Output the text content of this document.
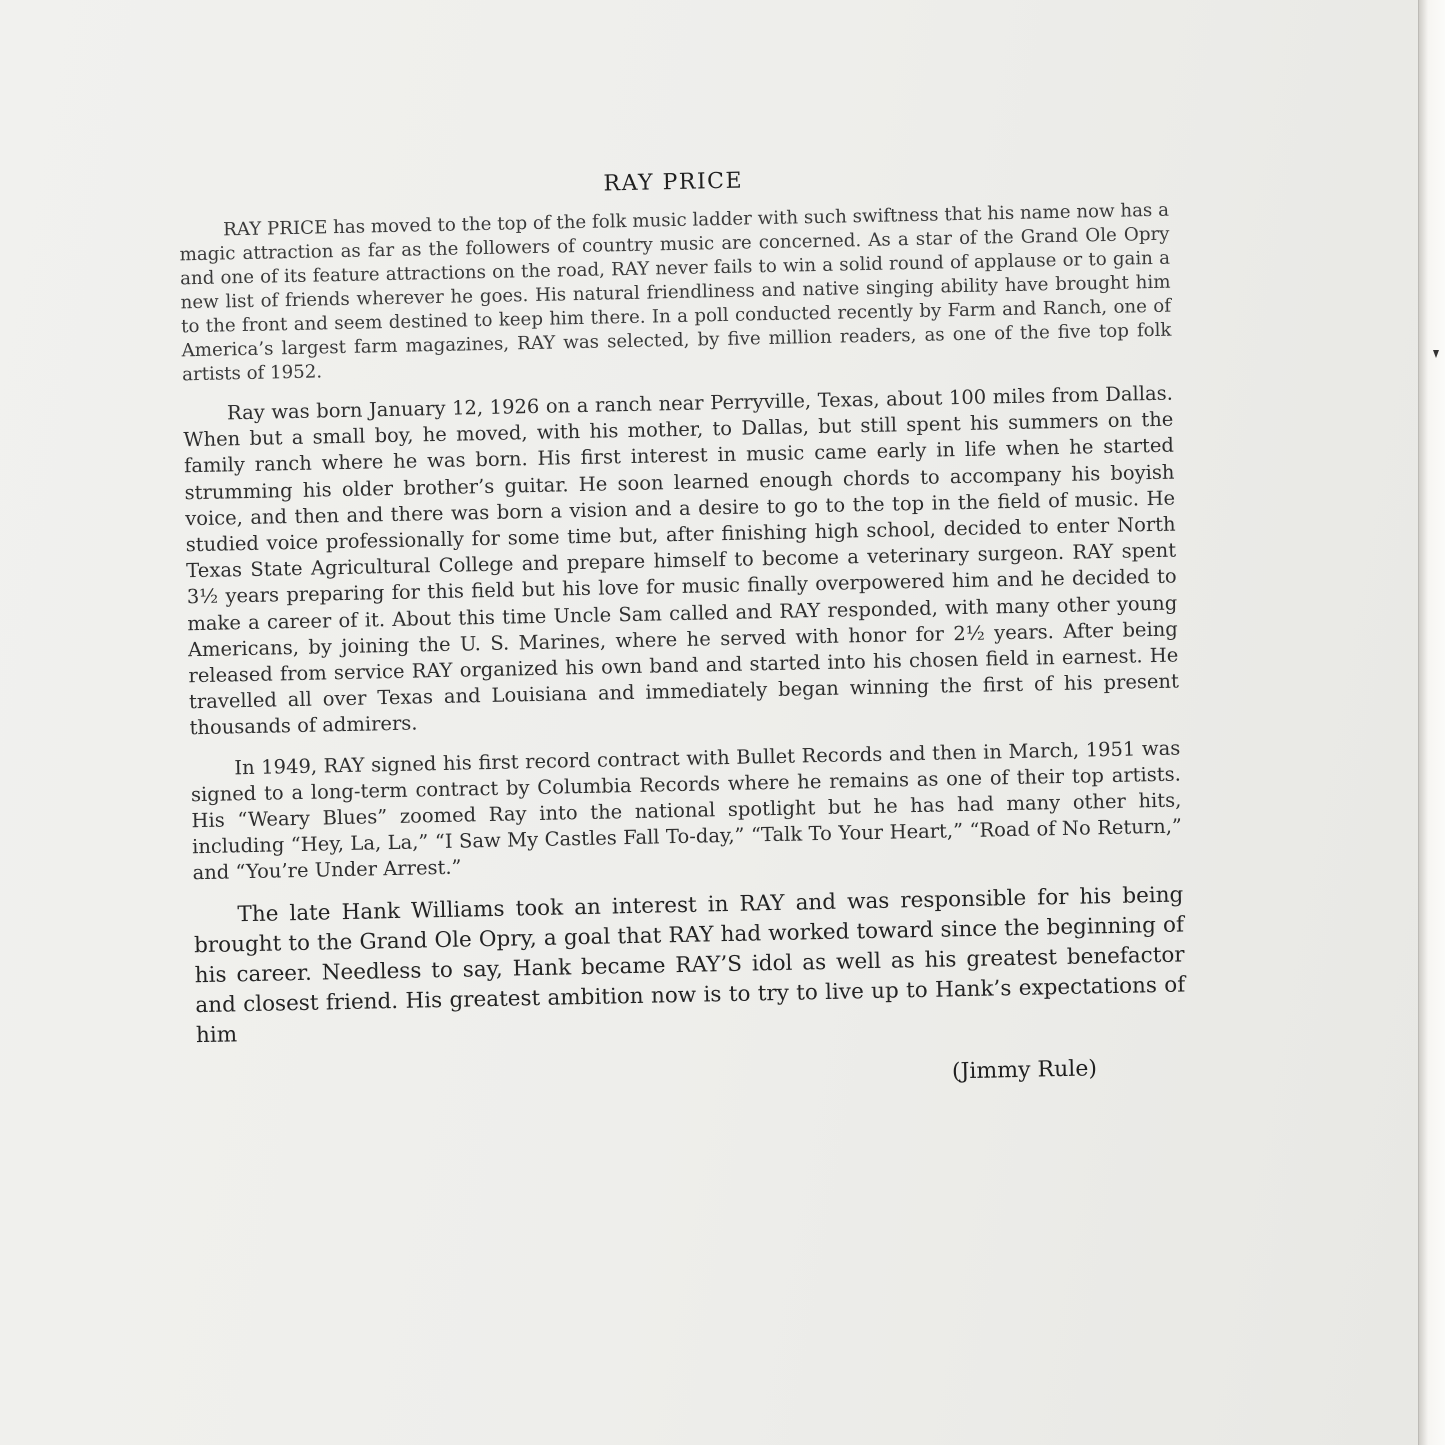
RAY PRICE

RAY PRICE has moved to the top of the folk music ladder with such swiftness that his name now has a magic attraction as far as the followers of country music are concerned. As a star of the Grand Ole Opry and one of its feature attractions on the road, RAY never fails to win a solid round of applause or to gain a new list of friends wherever he goes. His natural friendliness and native singing ability have brought him to the front and seem destined to keep him there. In a poll conducted recently by Farm and Ranch, one of America’s largest farm magazines, RAY was selected, by five million readers, as one of the five top folk artists of 1952.

Ray was born January 12, 1926 on a ranch near Perryville, Texas, about 100 miles from Dallas. When but a small boy, he moved, with his mother, to Dallas, but still spent his summers on the family ranch where he was born. His first interest in music came early in life when he started strumming his older brother’s guitar. He soon learned enough chords to accompany his boyish voice, and then and there was born a vision and a desire to go to the top in the field of music. He studied voice professionally for some time but, after finishing high school, decided to enter North Texas State Agricultural College and prepare himself to become a veterinary surgeon. RAY spent 3½ years preparing for this field but his love for music finally overpowered him and he decided to make a career of it. About this time Uncle Sam called and RAY responded, with many other young Americans, by joining the U. S. Marines, where he served with honor for 2½ years. After being released from service RAY organized his own band and started into his chosen field in earnest. He travelled all over Texas and Louisiana and immediately began winning the first of his present thousands of admirers.

In 1949, RAY signed his first record contract with Bullet Records and then in March, 1951 was signed to a long-term contract by Columbia Records where he remains as one of their top artists. His “Weary Blues” zoomed Ray into the national spotlight but he has had many other hits, including “Hey, La, La,” “I Saw My Castles Fall To-day,” “Talk To Your Heart,” “Road of No Return,” and “You’re Under Arrest.”

The late Hank Williams took an interest in RAY and was responsible for his being brought to the Grand Ole Opry, a goal that RAY had worked toward since the beginning of his career. Needless to say, Hank became RAY’S idol as well as his greatest benefactor and closest friend. His greatest ambition now is to try to live up to Hank’s expectations of him

(Jimmy Rule)
